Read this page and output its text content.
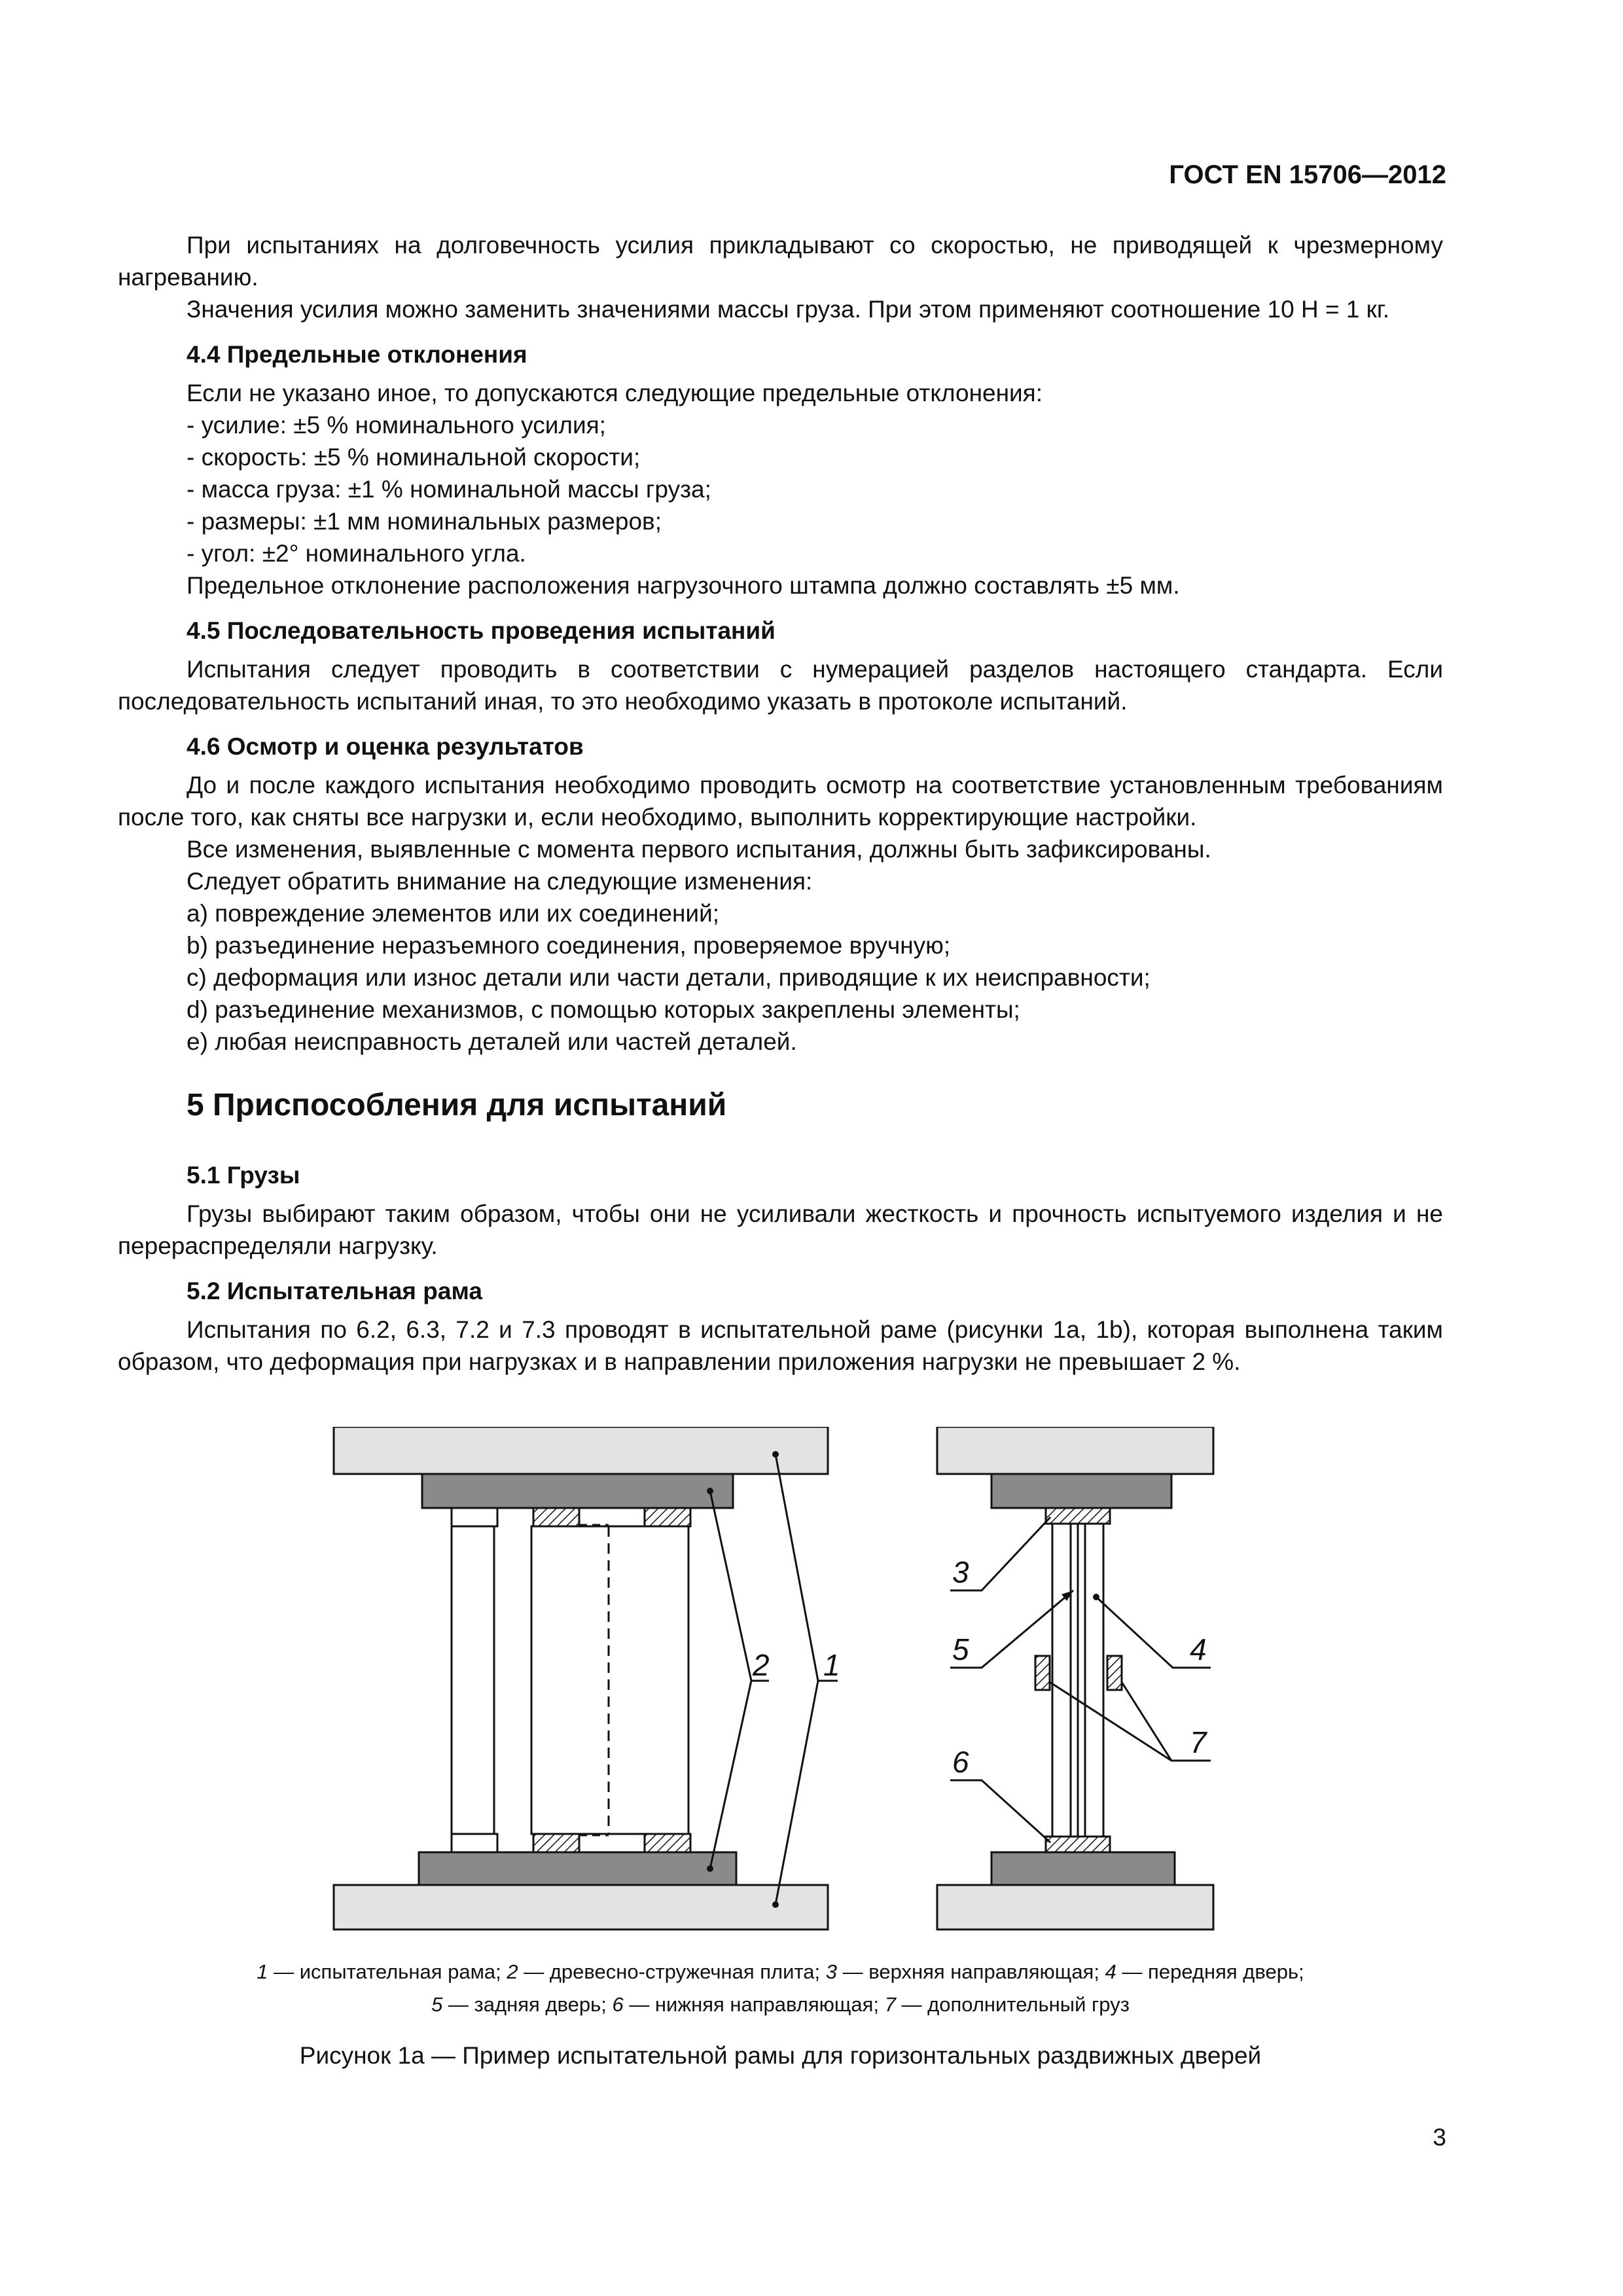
ГОСТ EN 15706—2012

При испытаниях на долговечность усилия прикладывают со скоростью, не приводящей к чрезмерному нагреванию.

Значения усилия можно заменить значениями массы груза. При этом применяют соотношение 10 Н = 1 кг.

4.4 Предельные отклонения

Если не указано иное, то допускаются следующие предельные отклонения:

- усилие: ±5 % номинального усилия;
- скорость: ±5 % номинальной скорости;
- масса груза: ±1 % номинальной массы груза;
- размеры: ±1 мм номинальных размеров;
- угол: ±2° номинального угла.

Предельное отклонение расположения нагрузочного штампа должно составлять ±5 мм.

4.5 Последовательность проведения испытаний

Испытания следует проводить в соответствии с нумерацией разделов настоящего стандарта. Если последовательность испытаний иная, то это необходимо указать в протоколе испытаний.

4.6 Осмотр и оценка результатов

До и после каждого испытания необходимо проводить осмотр на соответствие установленным требованиям после того, как сняты все нагрузки и, если необходимо, выполнить корректирующие настройки.

Все изменения, выявленные с момента первого испытания, должны быть зафиксированы.

Следует обратить внимание на следующие изменения:

a) повреждение элементов или их соединений;
b) разъединение неразъемного соединения, проверяемое вручную;
c) деформация или износ детали или части детали, приводящие к их неисправности;
d) разъединение механизмов, с помощью которых закреплены элементы;
e) любая неисправность деталей или частей деталей.
5 Приспособления для испытаний
5.1 Грузы

Грузы выбирают таким образом, чтобы они не усиливали жесткость и прочность испытуемого изделия и не перераспределяли нагрузку.

5.2 Испытательная рама

Испытания по 6.2, 6.3, 7.2 и 7.3 проводят в испытательной раме (рисунки 1а, 1b), которая выполнена таким образом, что деформация при нагрузках и в направлении приложения нагрузки не превышает 2 %.

2 1
3
5	4
7
6
1 — испытательная рама; 2 — древесно-стружечная плита; 3 — верхняя направляющая; 4 — передняя дверь;
5 — задняя дверь; 6 — нижняя направляющая; 7 — дополнительный груз
Рисунок 1а — Пример испытательной рамы для горизонтальных раздвижных дверей
3
